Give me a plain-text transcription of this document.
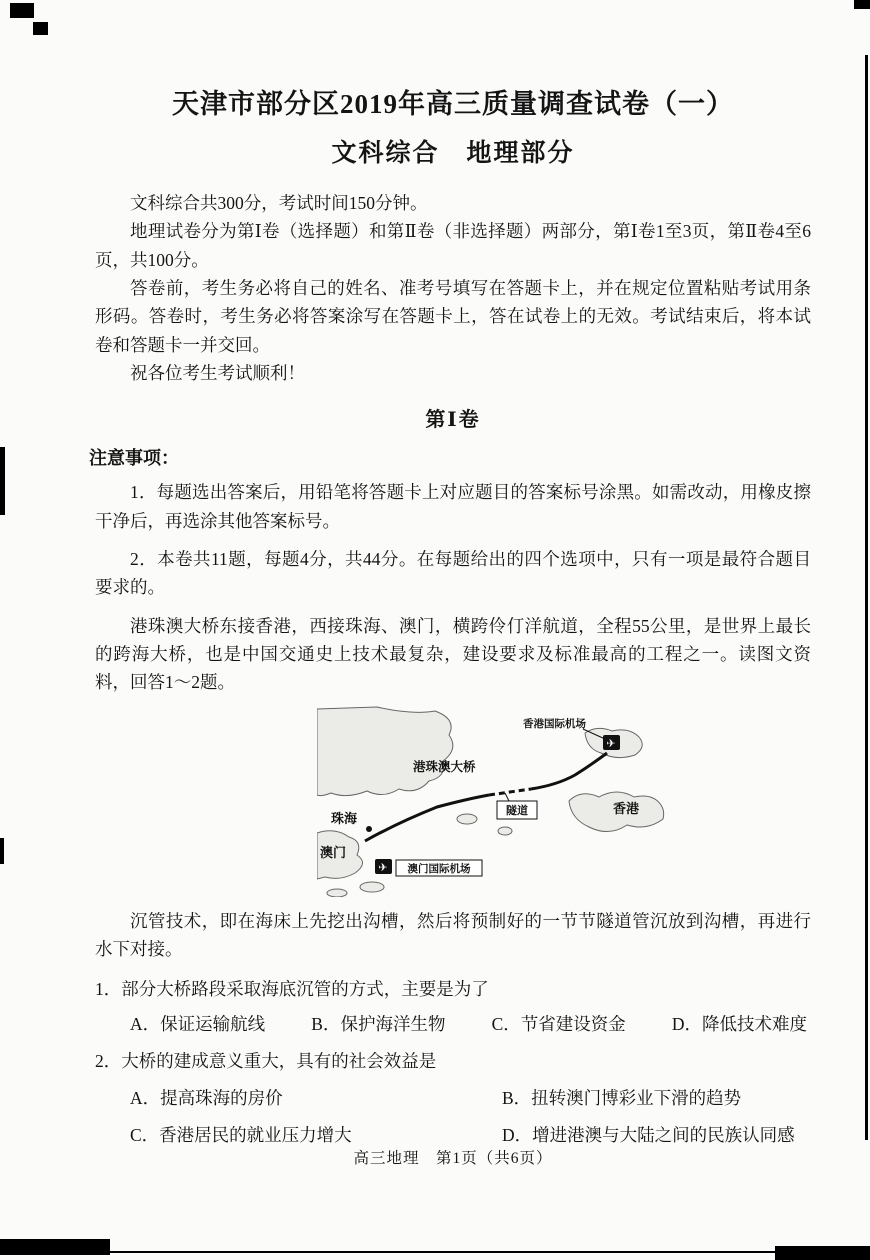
天津市部分区2019年高三质量调查试卷（一）
文科综合　地理部分

文科综合共300分，考试时间150分钟。

地理试卷分为第Ⅰ卷（选择题）和第Ⅱ卷（非选择题）两部分，第Ⅰ卷1至3页，第Ⅱ卷4至6页，共100分。

答卷前，考生务必将自己的姓名、准考号填写在答题卡上，并在规定位置粘贴考试用条形码。答卷时，考生务必将答案涂写在答题卡上，答在试卷上的无效。考试结束后，将本试卷和答题卡一并交回。

祝各位考生考试顺利！

第Ⅰ卷
注意事项：

1．每题选出答案后，用铅笔将答题卡上对应题目的答案标号涂黑。如需改动，用橡皮擦干净后，再选涂其他答案标号。

2．本卷共11题，每题4分，共44分。在每题给出的四个选项中，只有一项是最符合题目要求的。

港珠澳大桥东接香港，西接珠海、澳门，横跨伶仃洋航道，全程55公里，是世界上最长的跨海大桥，也是中国交通史上技术最复杂，建设要求及标准最高的工程之一。读图文资料，回答1～2题。

✈
✈
香港国际机场
港珠澳大桥
隧道	香港
珠海
澳门
澳门国际机场

沉管技术，即在海床上先挖出沟槽，然后将预制好的一节节隧道管沉放到沟槽，再进行水下对接。

1．部分大桥路段采取海底沉管的方式，主要是为了

A．保证运输航线	B．保护海洋生物	C．节省建设资金	D．降低技术难度

2．大桥的建成意义重大，具有的社会效益是

A．提高珠海的房价	B．扭转澳门博彩业下滑的趋势
C．香港居民的就业压力增大	D．增进港澳与大陆之间的民族认同感
高三地理　第1页（共6页）
